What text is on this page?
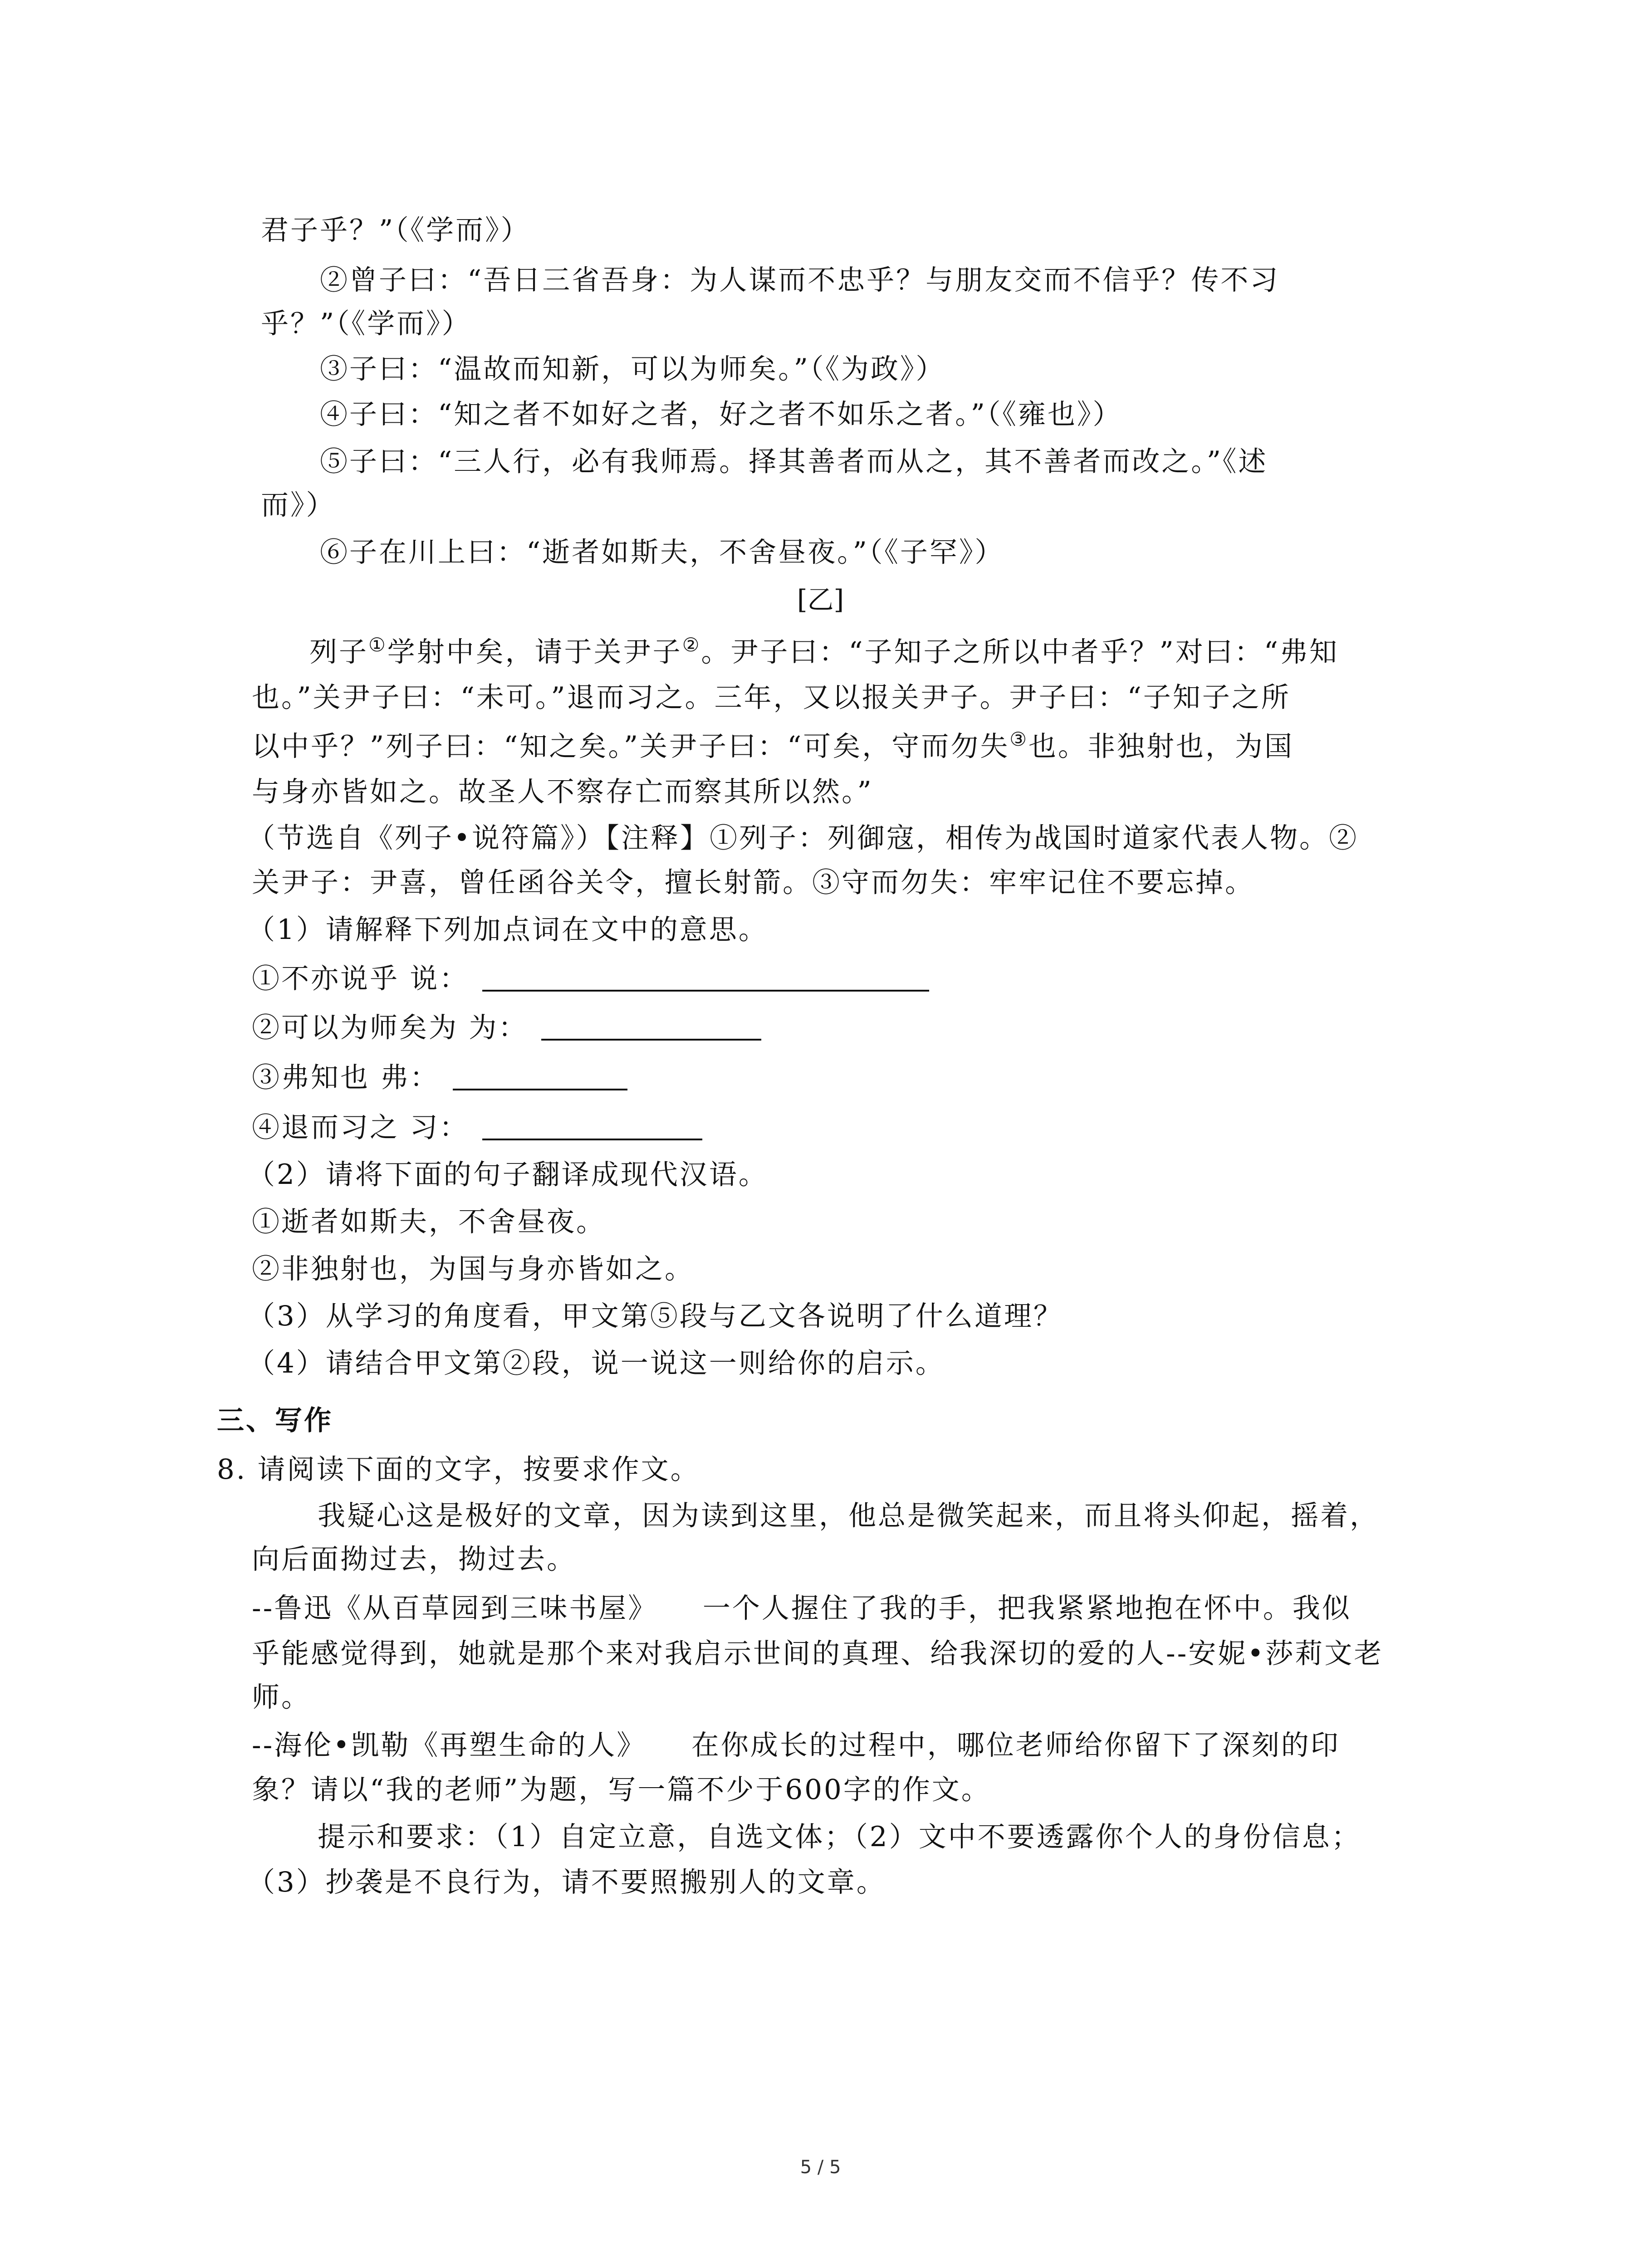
君子乎？”（《学而》）
②曾子曰：“吾日三省吾身：为人谋而不忠乎？与朋友交而不信乎？传不习
乎？”（《学而》）
③子曰：“温故而知新，可以为师矣。”（《为政》）
④子曰：“知之者不如好之者，好之者不如乐之者。”（《雍也》）
⑤子曰：“三人行，必有我师焉。择其善者而从之，其不善者而改之。”《述
而》）
⑥子在川上曰：“逝者如斯夫，不舍昼夜。”（《子罕》）
[乙]
列子①学射中矣，请于关尹子②。尹子曰：“子知子之所以中者乎？”对曰：“弗知
也。”关尹子曰：“未可。”退而习之。三年，又以报关尹子。尹子曰：“子知子之所
以中乎？”列子曰：“知之矣。”关尹子曰：“可矣，守而勿失③也。非独射也，为国
与身亦皆如之。故圣人不察存亡而察其所以然。”
（节选自《列子•说符篇》）【注释】①列子：列御寇，相传为战国时道家代表人物。②
关尹子：尹喜，曾任函谷关令，擅长射箭。③守而勿失：牢牢记住不要忘掉。
（1）请解释下列加点词在文中的意思。
①不亦说乎 说：
②可以为师矣为 为：
③弗知也 弗：
④退而习之 习：
（2）请将下面的句子翻译成现代汉语。
①逝者如斯夫，不舍昼夜。
②非独射也，为国与身亦皆如之。
（3）从学习的角度看，甲文第⑤段与乙文各说明了什么道理？
（4）请结合甲文第②段，说一说这一则给你的启示。
三、写作
8. 请阅读下面的文字，按要求作文。
我疑心这是极好的文章，因为读到这里，他总是微笑起来，而且将头仰起，摇着，
向后面拗过去，拗过去。
--鲁迅《从百草园到三味书屋》　　一个人握住了我的手，把我紧紧地抱在怀中。我似
乎能感觉得到，她就是那个来对我启示世间的真理、给我深切的爱的人--安妮•莎莉文老
师。
--海伦•凯勒《再塑生命的人》　　在你成长的过程中，哪位老师给你留下了深刻的印
象？请以“我的老师”为题，写一篇不少于600字的作文。
提示和要求：（1）自定立意，自选文体；（2）文中不要透露你个人的身份信息；
（3）抄袭是不良行为，请不要照搬别人的文章。
5 / 5
